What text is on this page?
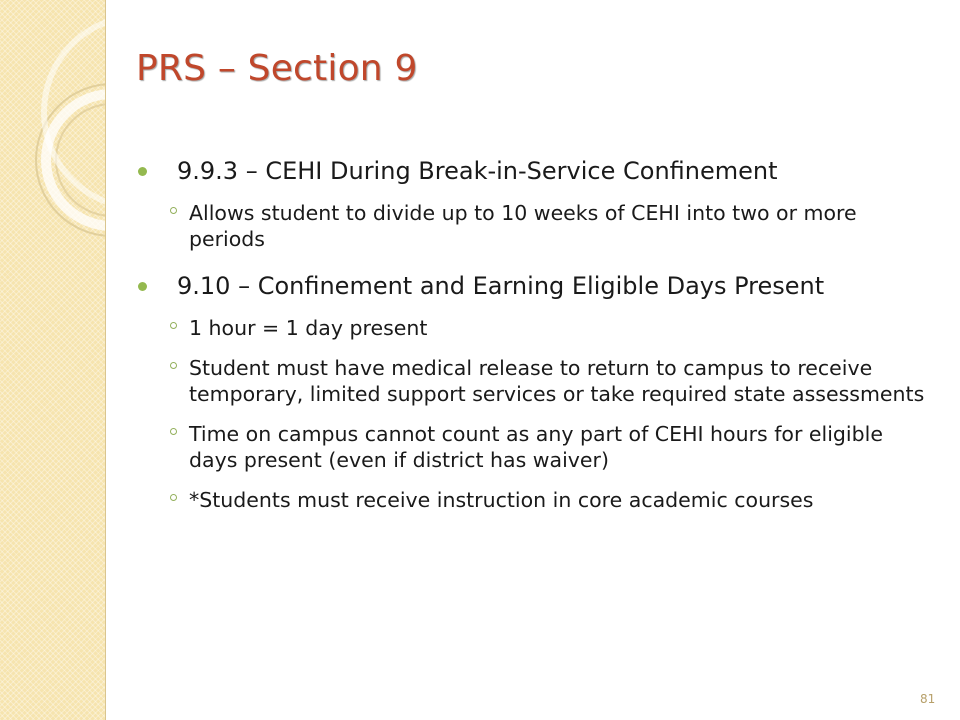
PRS – Section 9
9.9.3 – CEHI During Break-in-Service Confinement
Allows student to divide up to 10 weeks of CEHI into two or more periods
9.10 – Confinement and Earning Eligible Days Present
1 hour = 1 day present
Student must have medical release to return to campus to receive temporary, limited support services or take required state assessments
Time on campus cannot count as any part of CEHI hours for eligible days present (even if district has waiver)
*Students must receive instruction in core academic courses
81
